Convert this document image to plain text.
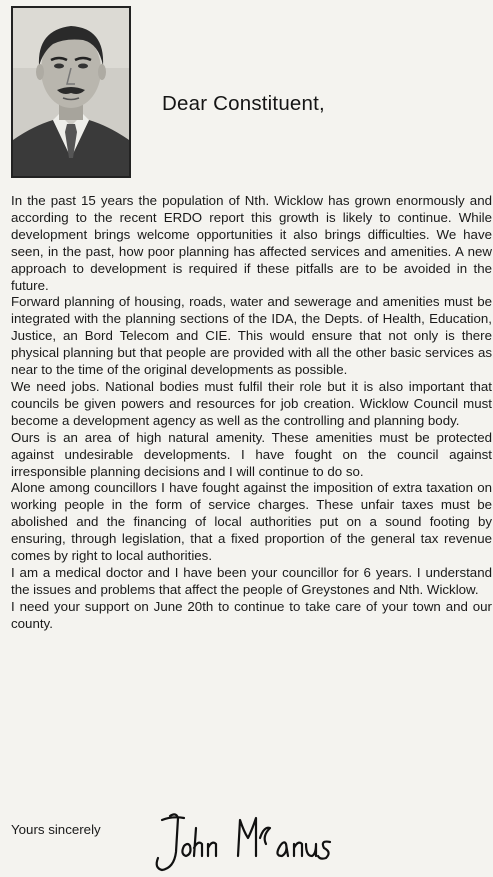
Dear Constituent,

In the past 15 years the population of Nth. Wicklow has grown enormously and according to the recent ERDO report this growth is likely to continue. While development brings welcome opportunities it also brings difficulties. We have seen, in the past, how poor planning has affected services and amenities. A new approach to development is required if these pitfalls are to be avoided in the future.

Forward planning of housing, roads, water and sewerage and amenities must be integrated with the planning sections of the IDA, the Depts. of Health, Education, Justice, an Bord Telecom and CIE. This would ensure that not only is there physical planning but that people are provided with all the other basic services as near to the time of the original developments as possible.

We need jobs. National bodies must fulfil their role but it is also important that councils be given powers and resources for job creation. Wicklow Council must become a development agency as well as the controlling and planning body.

Ours is an area of high natural amenity. These amenities must be protected against undesirable developments. I have fought on the council against irresponsible planning decisions and I will continue to do so.

Alone among councillors I have fought against the imposition of extra taxation on working people in the form of service charges. These unfair taxes must be abolished and the financing of local authorities put on a sound footing by ensuring, through legislation, that a fixed proportion of the general tax revenue comes by right to local authorities.

I am a medical doctor and I have been your councillor for 6 years. I understand the issues and problems that affect the people of Greystones and Nth. Wicklow.

I need your support on June 20th to continue to take care of your town and our county.

Yours sincerely
